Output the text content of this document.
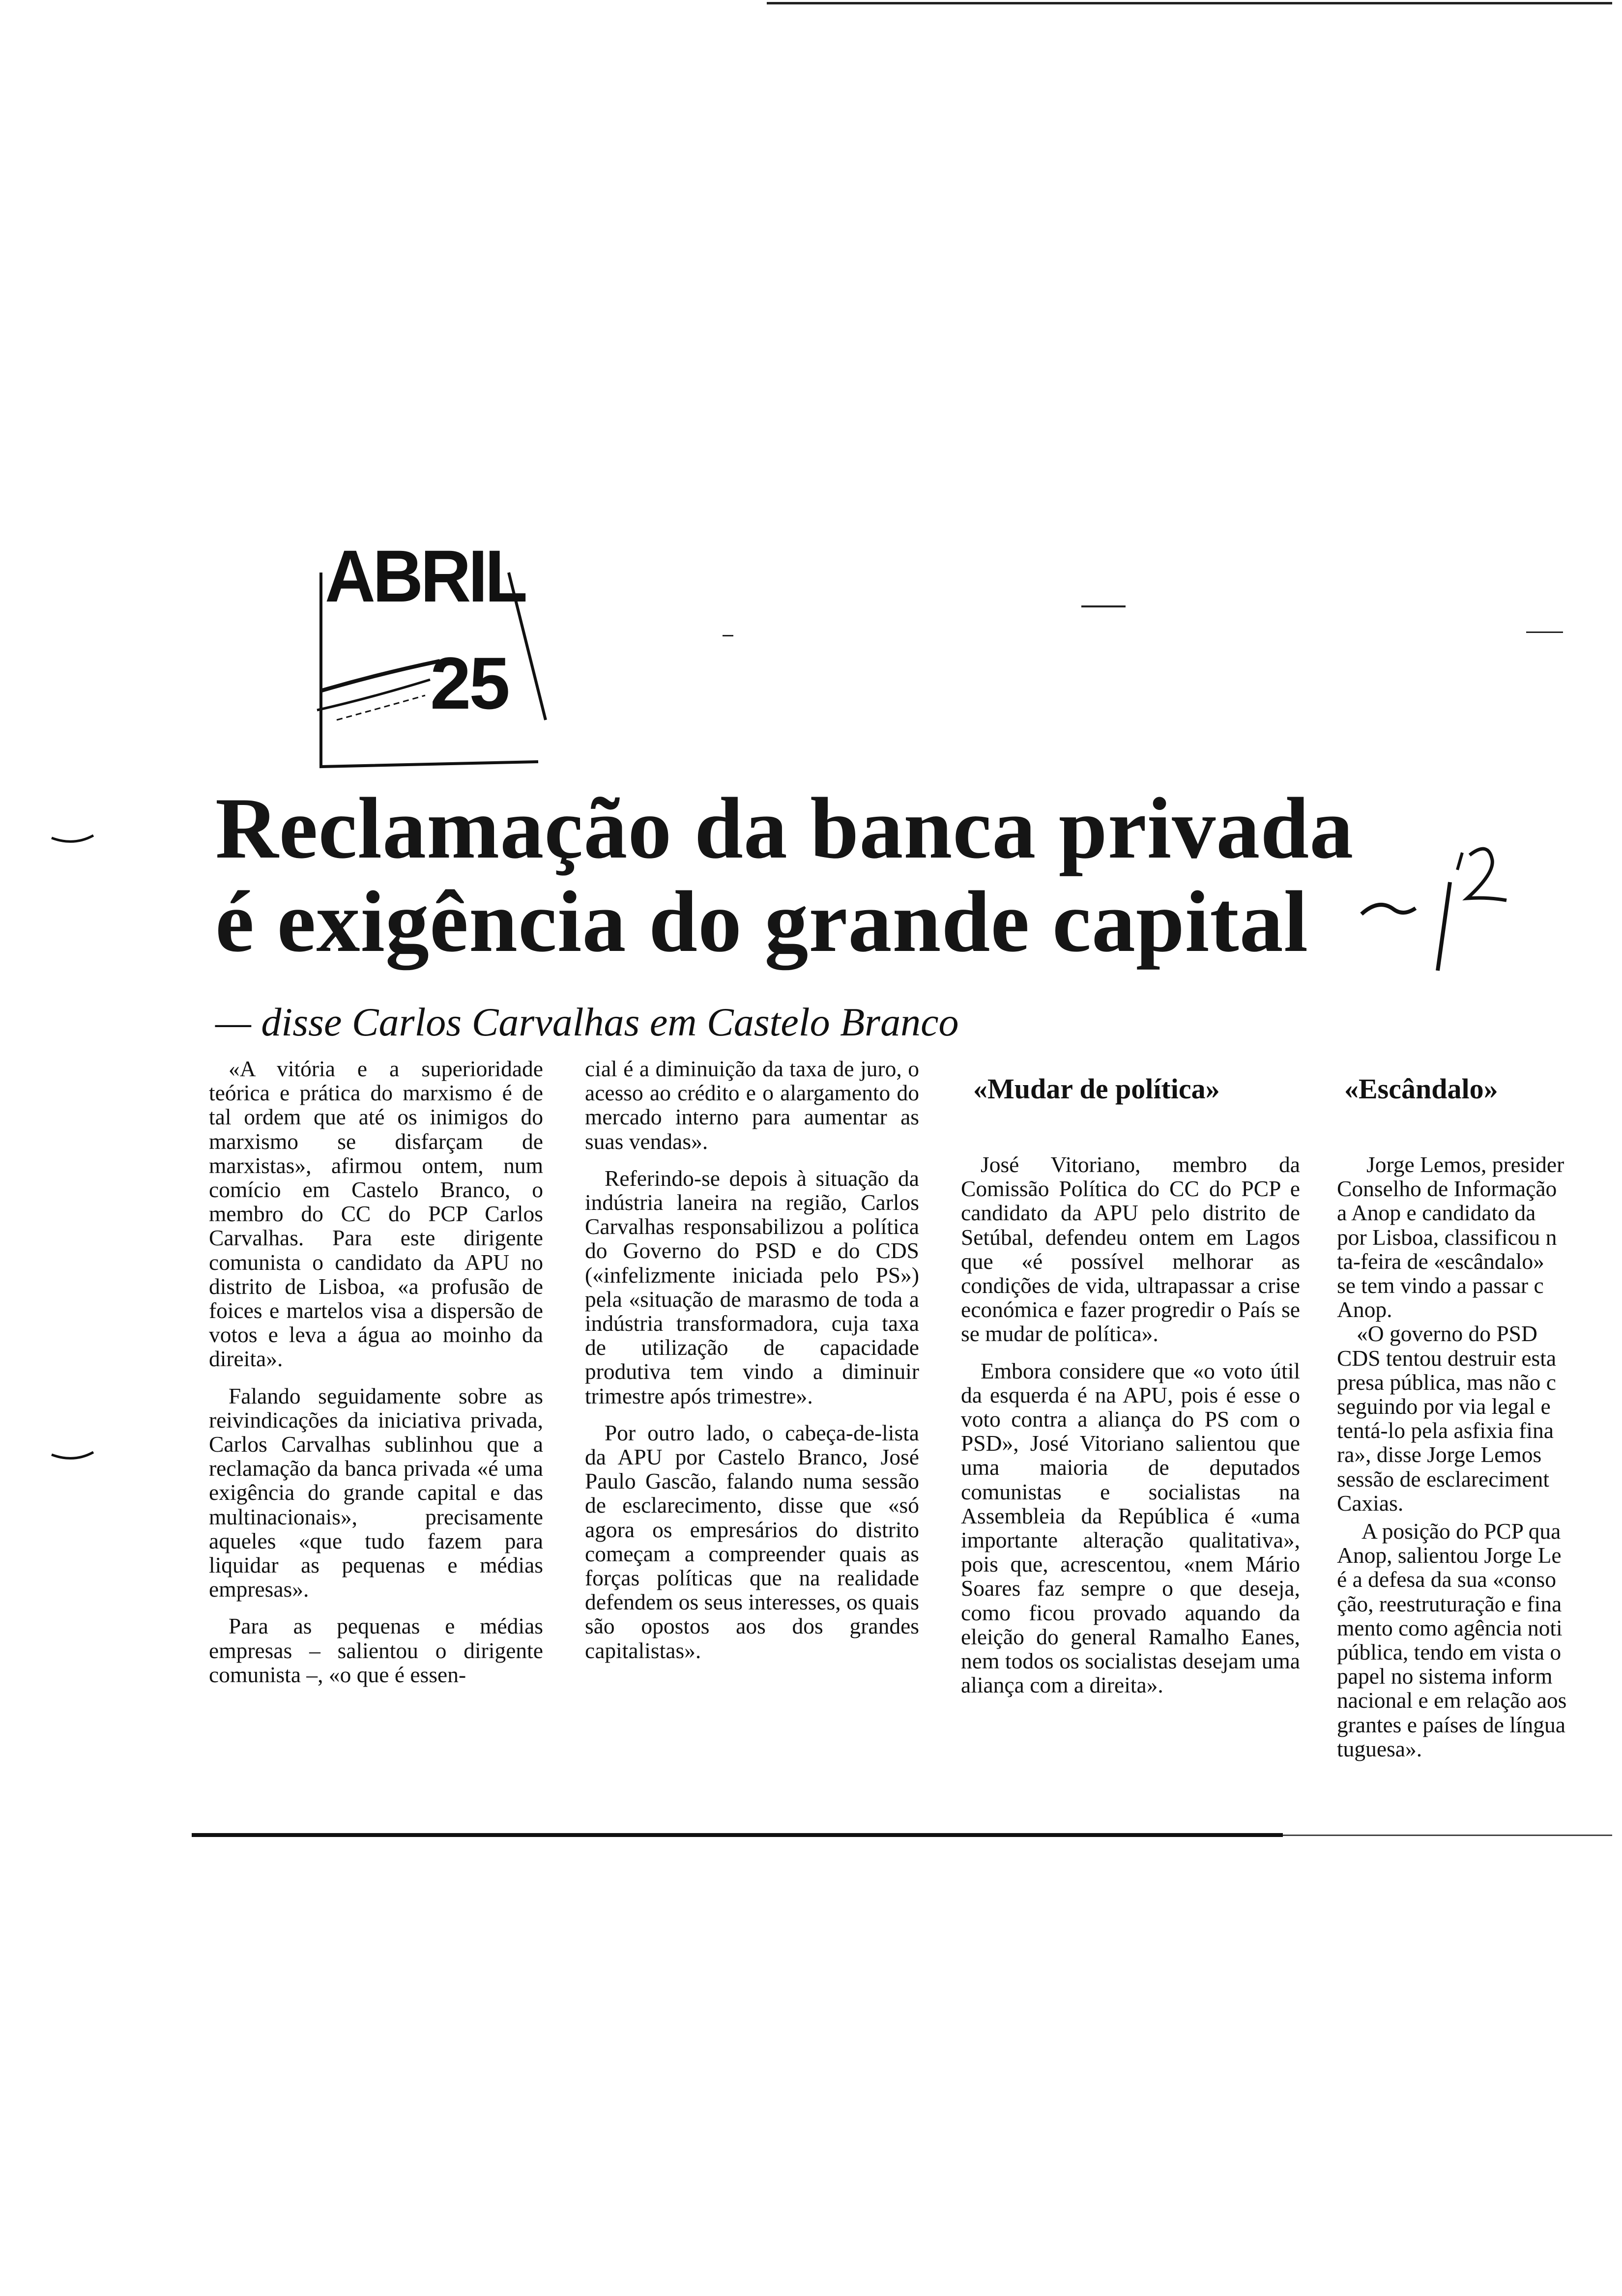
ABRIL
25
Reclamação da banca privada
é exigência do grande capital
— disse Carlos Carvalhas em Castelo Branco

«A vitória e a superioridade teórica e prática do marxismo é de tal ordem que até os inimigos do marxismo se disfarçam de marxistas», afirmou ontem, num comício em Castelo Branco, o membro do CC do PCP Carlos Carvalhas. Para este dirigente comunista o candidato da APU no distrito de Lisboa, «a profusão de foices e martelos visa a dispersão de votos e leva a água ao moinho da direita».

Falando seguidamente sobre as reivindicações da iniciativa privada, Carlos Carvalhas sublinhou que a reclamação da banca privada «é uma exigência do grande capital e das multinacionais», precisamente aqueles «que tudo fazem para liquidar as pequenas e médias empresas».

Para as pequenas e médias empresas – salientou o dirigente comunista –, «o que é essen-

cial é a diminuição da taxa de juro, o acesso ao crédito e o alargamento do mercado interno para aumentar as suas vendas».

Referindo-se depois à situação da indústria laneira na região, Carlos Carvalhas responsabilizou a política do Governo do PSD e do CDS («infelizmente iniciada pelo PS») pela «situação de marasmo de toda a indústria transformadora, cuja taxa de utilização de capacidade produtiva tem vindo a diminuir trimestre após trimestre».

Por outro lado, o cabeça-de-lista da APU por Castelo Branco, José Paulo Gascão, falando numa sessão de esclarecimento, disse que «só agora os empresários do distrito começam a compreender quais as forças políticas que na realidade defendem os seus interesses, os quais são opostos aos dos grandes capitalistas».

«Mudar de política»

José Vitoriano, membro da Comissão Política do CC do PCP e candidato da APU pelo distrito de Setúbal, defendeu ontem em Lagos que «é possível melhorar as condições de vida, ultrapassar a crise económica e fazer progredir o País se se mudar de política».

Embora considere que «o voto útil da esquerda é na APU, pois é esse o voto contra a aliança do PS com o PSD», José Vitoriano salientou que uma maioria de deputados comunistas e socialistas na Assembleia da República é «uma importante alteração qualitativa», pois que, acrescentou, «nem Mário Soares faz sempre o que deseja, como ficou provado aquando da eleição do general Ramalho Eanes, nem todos os socialistas desejam uma aliança com a direita».

«Escândalo»

Jorge Lemos, presider
Conselho de Informação
a Anop e candidato da
por Lisboa, classificou n
ta-feira de «escândalo»
se tem vindo a passar c
Anop.

«O governo do PSD
CDS tentou destruir esta
presa pública, mas não c
seguindo por via legal e
tentá-lo pela asfixia fina
ra», disse Jorge Lemos
sessão de esclareciment
Caxias.

A posição do PCP qua
Anop, salientou Jorge Le
é a defesa da sua «conso
ção, reestruturação e fina
mento como agência noti
pública, tendo em vista o
papel no sistema inform
nacional e em relação aos
grantes e países de língua
tuguesa».
